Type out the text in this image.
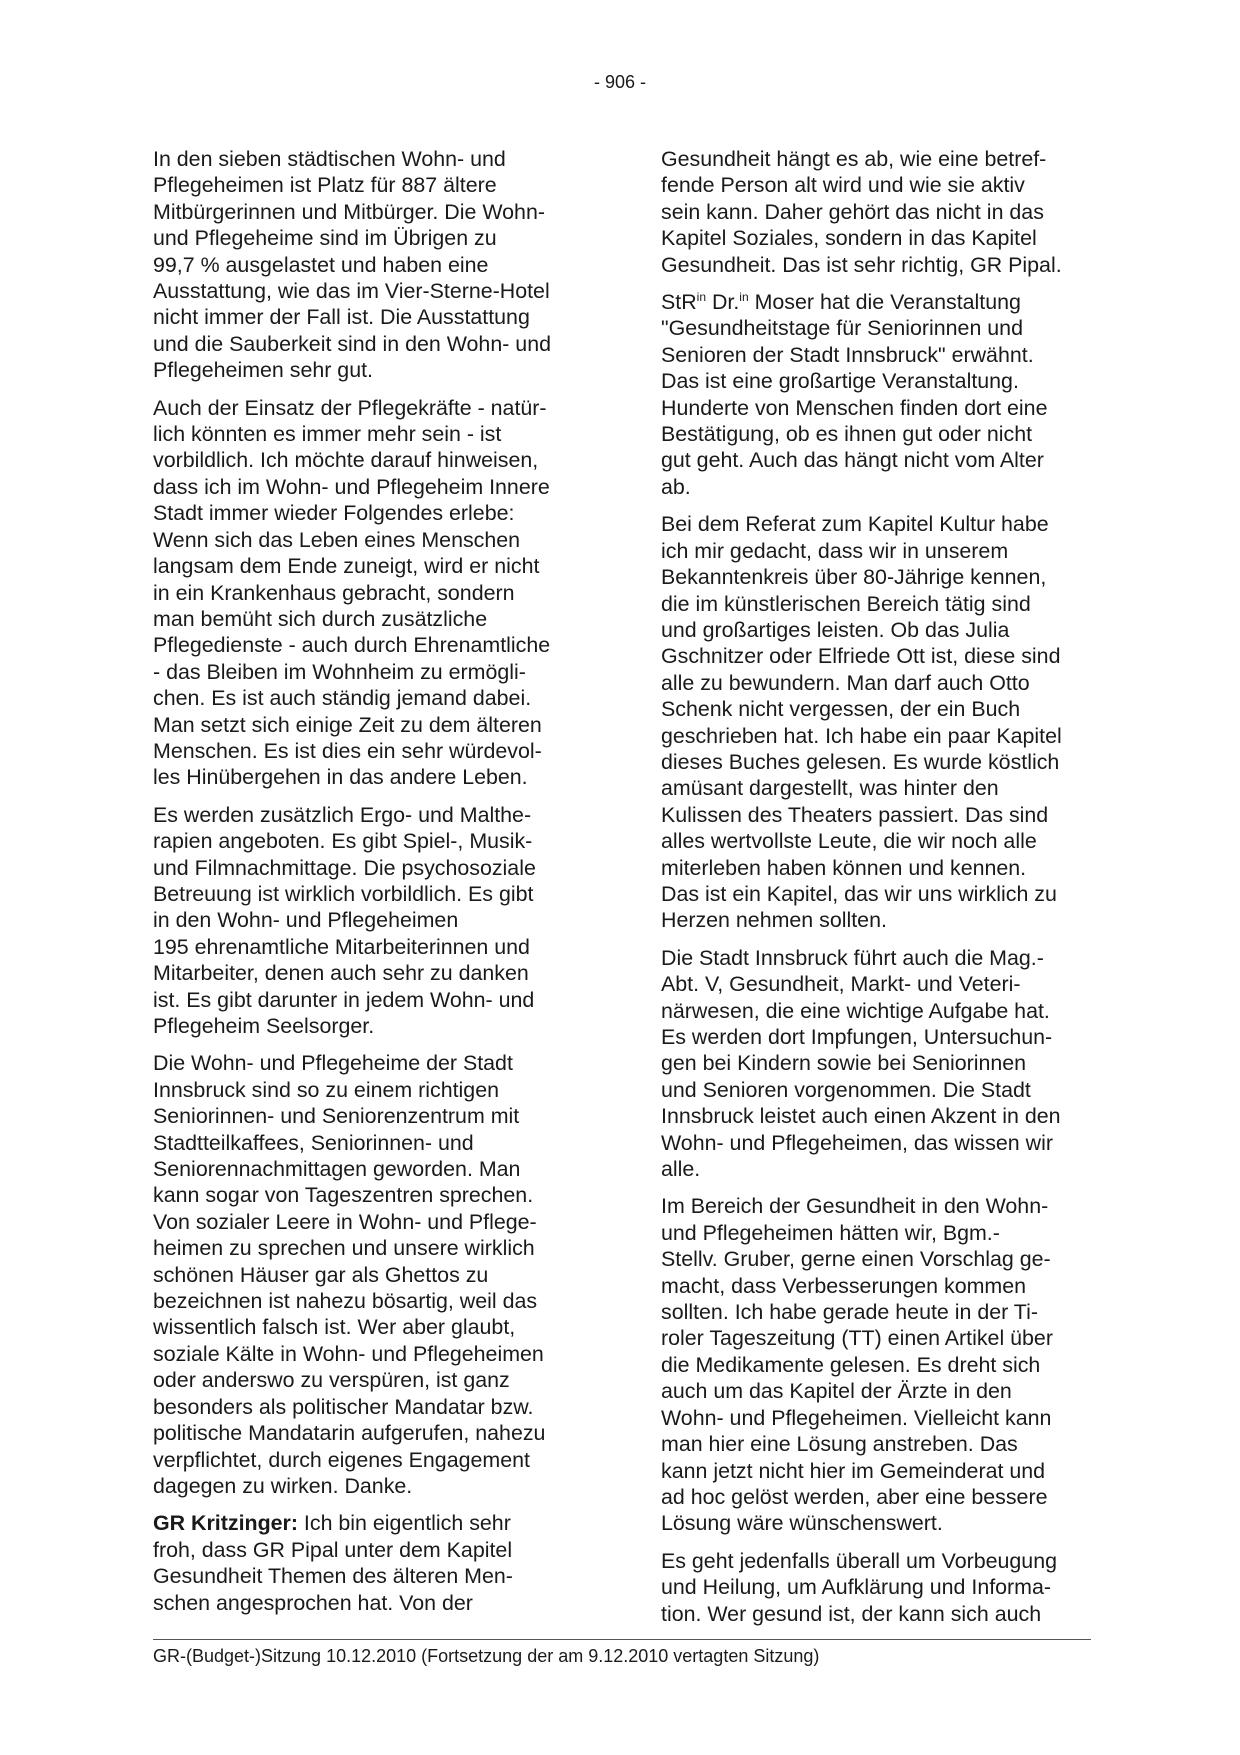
- 906 -
In den sieben städtischen Wohn- und
Pflegeheimen ist Platz für 887 ältere
Mitbürgerinnen und Mitbürger. Die Wohn-
und Pflegeheime sind im Übrigen zu
99,7 % ausgelastet und haben eine
Ausstattung, wie das im Vier-Sterne-Hotel
nicht immer der Fall ist. Die Ausstattung
und die Sauberkeit sind in den Wohn- und
Pflegeheimen sehr gut.
Auch der Einsatz der Pflegekräfte - natür-
lich könnten es immer mehr sein - ist
vorbildlich. Ich möchte darauf hinweisen,
dass ich im Wohn- und Pflegeheim Innere
Stadt immer wieder Folgendes erlebe:
Wenn sich das Leben eines Menschen
langsam dem Ende zuneigt, wird er nicht
in ein Krankenhaus gebracht, sondern
man bemüht sich durch zusätzliche
Pflegedienste - auch durch Ehrenamtliche
- das Bleiben im Wohnheim zu ermögli-
chen. Es ist auch ständig jemand dabei.
Man setzt sich einige Zeit zu dem älteren
Menschen. Es ist dies ein sehr würdevol-
les Hinübergehen in das andere Leben.
Es werden zusätzlich Ergo- und Malthe-
rapien angeboten. Es gibt Spiel-, Musik-
und Filmnachmittage. Die psychosoziale
Betreuung ist wirklich vorbildlich. Es gibt
in den Wohn- und Pflegeheimen
195 ehrenamtliche Mitarbeiterinnen und
Mitarbeiter, denen auch sehr zu danken
ist. Es gibt darunter in jedem Wohn- und
Pflegeheim Seelsorger.
Die Wohn- und Pflegeheime der Stadt
Innsbruck sind so zu einem richtigen
Seniorinnen- und Seniorenzentrum mit
Stadtteilkaffees, Seniorinnen- und
Seniorennachmittagen geworden. Man
kann sogar von Tageszentren sprechen.
Von sozialer Leere in Wohn- und Pflege-
heimen zu sprechen und unsere wirklich
schönen Häuser gar als Ghettos zu
bezeichnen ist nahezu bösartig, weil das
wissentlich falsch ist. Wer aber glaubt,
soziale Kälte in Wohn- und Pflegeheimen
oder anderswo zu verspüren, ist ganz
besonders als politischer Mandatar bzw.
politische Mandatarin aufgerufen, nahezu
verpflichtet, durch eigenes Engagement
dagegen zu wirken. Danke.
GR Kritzinger: Ich bin eigentlich sehr
froh, dass GR Pipal unter dem Kapitel
Gesundheit Themen des älteren Men-
schen angesprochen hat. Von der
Gesundheit hängt es ab, wie eine betref-
fende Person alt wird und wie sie aktiv
sein kann. Daher gehört das nicht in das
Kapitel Soziales, sondern in das Kapitel
Gesundheit. Das ist sehr richtig, GR Pipal.
StR$^{in}$ Dr.$^{in}$ Moser hat die Veranstaltung
"Gesundheitstage für Seniorinnen und
Senioren der Stadt Innsbruck" erwähnt.
Das ist eine großartige Veranstaltung.
Hunderte von Menschen finden dort eine
Bestätigung, ob es ihnen gut oder nicht
gut geht. Auch das hängt nicht vom Alter
ab.
Bei dem Referat zum Kapitel Kultur habe
ich mir gedacht, dass wir in unserem
Bekanntenkreis über 80-Jährige kennen,
die im künstlerischen Bereich tätig sind
und großartiges leisten. Ob das Julia
Gschnitzer oder Elfriede Ott ist, diese sind
alle zu bewundern. Man darf auch Otto
Schenk nicht vergessen, der ein Buch
geschrieben hat. Ich habe ein paar Kapitel
dieses Buches gelesen. Es wurde köstlich
amüsant dargestellt, was hinter den
Kulissen des Theaters passiert. Das sind
alles wertvollste Leute, die wir noch alle
miterleben haben können und kennen.
Das ist ein Kapitel, das wir uns wirklich zu
Herzen nehmen sollten.
Die Stadt Innsbruck führt auch die Mag.-
Abt. V, Gesundheit, Markt- und Veteri-
närwesen, die eine wichtige Aufgabe hat.
Es werden dort Impfungen, Untersuchun-
gen bei Kindern sowie bei Seniorinnen
und Senioren vorgenommen. Die Stadt
Innsbruck leistet auch einen Akzent in den
Wohn- und Pflegeheimen, das wissen wir
alle.
Im Bereich der Gesundheit in den Wohn-
und Pflegeheimen hätten wir, Bgm.-
Stellv. Gruber, gerne einen Vorschlag ge-
macht, dass Verbesserungen kommen
sollten. Ich habe gerade heute in der Ti-
roler Tageszeitung (TT) einen Artikel über
die Medikamente gelesen. Es dreht sich
auch um das Kapitel der Ärzte in den
Wohn- und Pflegeheimen. Vielleicht kann
man hier eine Lösung anstreben. Das
kann jetzt nicht hier im Gemeinderat und
ad hoc gelöst werden, aber eine bessere
Lösung wäre wünschenswert.
Es geht jedenfalls überall um Vorbeugung
und Heilung, um Aufklärung und Informa-
tion. Wer gesund ist, der kann sich auch
GR-(Budget-)Sitzung 10.12.2010 (Fortsetzung der am 9.12.2010 vertagten Sitzung)
